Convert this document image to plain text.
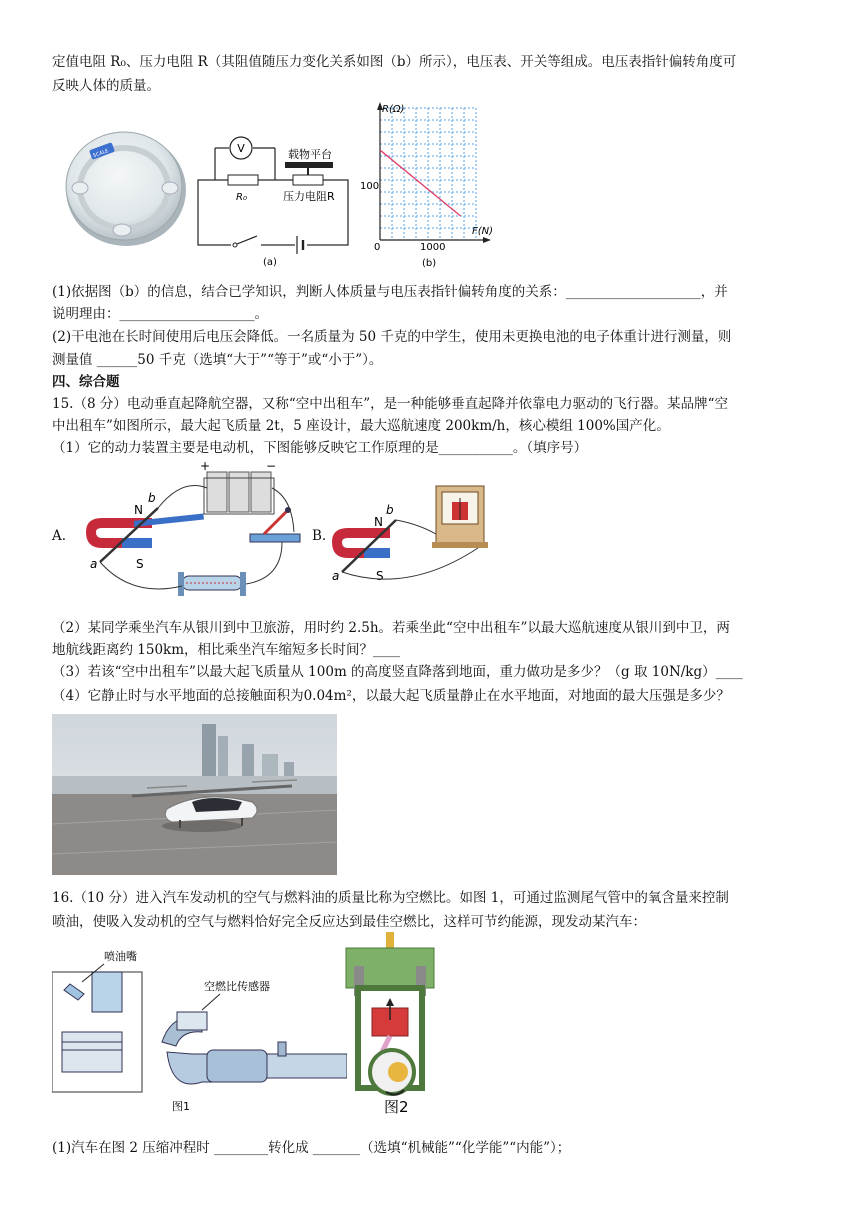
定值电阻 R₀、压力电阻 R（其阻值随压力变化关系如图（b）所示），电压表、开关等组成。电压表指针偏转角度可
反映人体的质量。
SCALE	V
R₀
载物平台
压力电阻R
(a)
R(Ω)
F(N)
100
1000
0
(b)
(1)依据图（b）的信息，结合已学知识，判断人体质量与电压表指针偏转角度的关系：____________________，并
说明理由：____________________。
(2)干电池在长时间使用后电压会降低。一名质量为 50 千克的中学生，使用未更换电池的电子体重计进行测量，则
测量值 ______50 千克（选填“大于”“等于”或“小于”）。
四、综合题
15.（8 分）电动垂直起降航空器，又称“空中出租车”，是一种能够垂直起降并依靠电力驱动的飞行器。某品牌“空
中出租车”如图所示，最大起飞质量 2t，5 座设计，最大巡航速度 200km/h，核心模组 100%国产化。
（1）它的动力装置主要是电动机，下图能够反映它工作原理的是___________。（填序号）
A.
N
S
a
b
+	−
B.
N
S
a
b
（2）某同学乘坐汽车从银川到中卫旅游，用时约 2.5h。若乘坐此“空中出租车”以最大巡航速度从银川到中卫，两
地航线距离约 150km，相比乘坐汽车缩短多长时间？____
（3）若该“空中出租车”以最大起飞质量从 100m 的高度竖直降落到地面，重力做功是多少？（g 取 10N/kg）____
（4）它静止时与水平地面的总接触面积为0.04m²，以最大起飞质量静止在水平地面，对地面的最大压强是多少？
16.（10 分）进入汽车发动机的空气与燃料油的质量比称为空燃比。如图 1，可通过监测尾气管中的氧含量来控制
喷油，使吸入发动机的空气与燃料恰好完全反应达到最佳空燃比，这样可节约能源，现发动某汽车：
喷油嘴
空燃比传感器
图1	图2
(1)汽车在图 2 压缩冲程时 ________转化成 _______（选填“机械能”“化学能”“内能”）；
